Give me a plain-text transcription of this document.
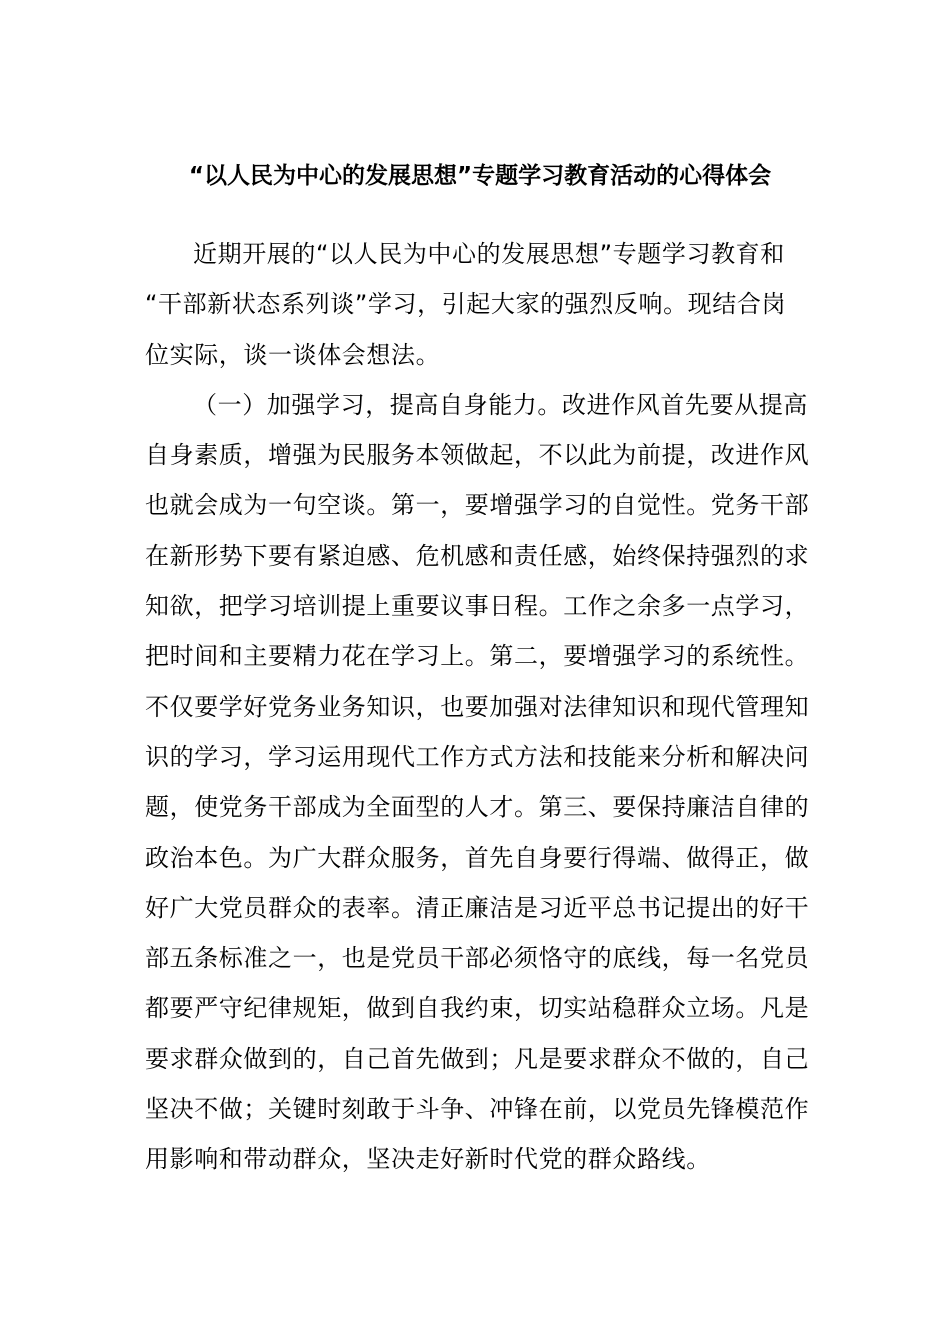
“以人民为中心的发展思想”专题学习教育活动的心得体会

近期开展的“以人民为中心的发展思想”专题学习教育和
“干部新状态系列谈”学习，引起大家的强烈反响。现结合岗
位实际，谈一谈体会想法。

（一）加强学习，提高自身能力。改进作风首先要从提高
自身素质，增强为民服务本领做起，不以此为前提，改进作风
也就会成为一句空谈。第一，要增强学习的自觉性。党务干部
在新形势下要有紧迫感、危机感和责任感，始终保持强烈的求
知欲，把学习培训提上重要议事日程。工作之余多一点学习，
把时间和主要精力花在学习上。第二，要增强学习的系统性。
不仅要学好党务业务知识，也要加强对法律知识和现代管理知
识的学习，学习运用现代工作方式方法和技能来分析和解决问
题，使党务干部成为全面型的人才。第三、要保持廉洁自律的
政治本色。为广大群众服务，首先自身要行得端、做得正，做
好广大党员群众的表率。清正廉洁是习近平总书记提出的好干
部五条标准之一，也是党员干部必须恪守的底线，每一名党员
都要严守纪律规矩，做到自我约束，切实站稳群众立场。凡是
要求群众做到的，自己首先做到；凡是要求群众不做的，自己
坚决不做；关键时刻敢于斗争、冲锋在前，以党员先锋模范作
用影响和带动群众，坚决走好新时代党的群众路线。
